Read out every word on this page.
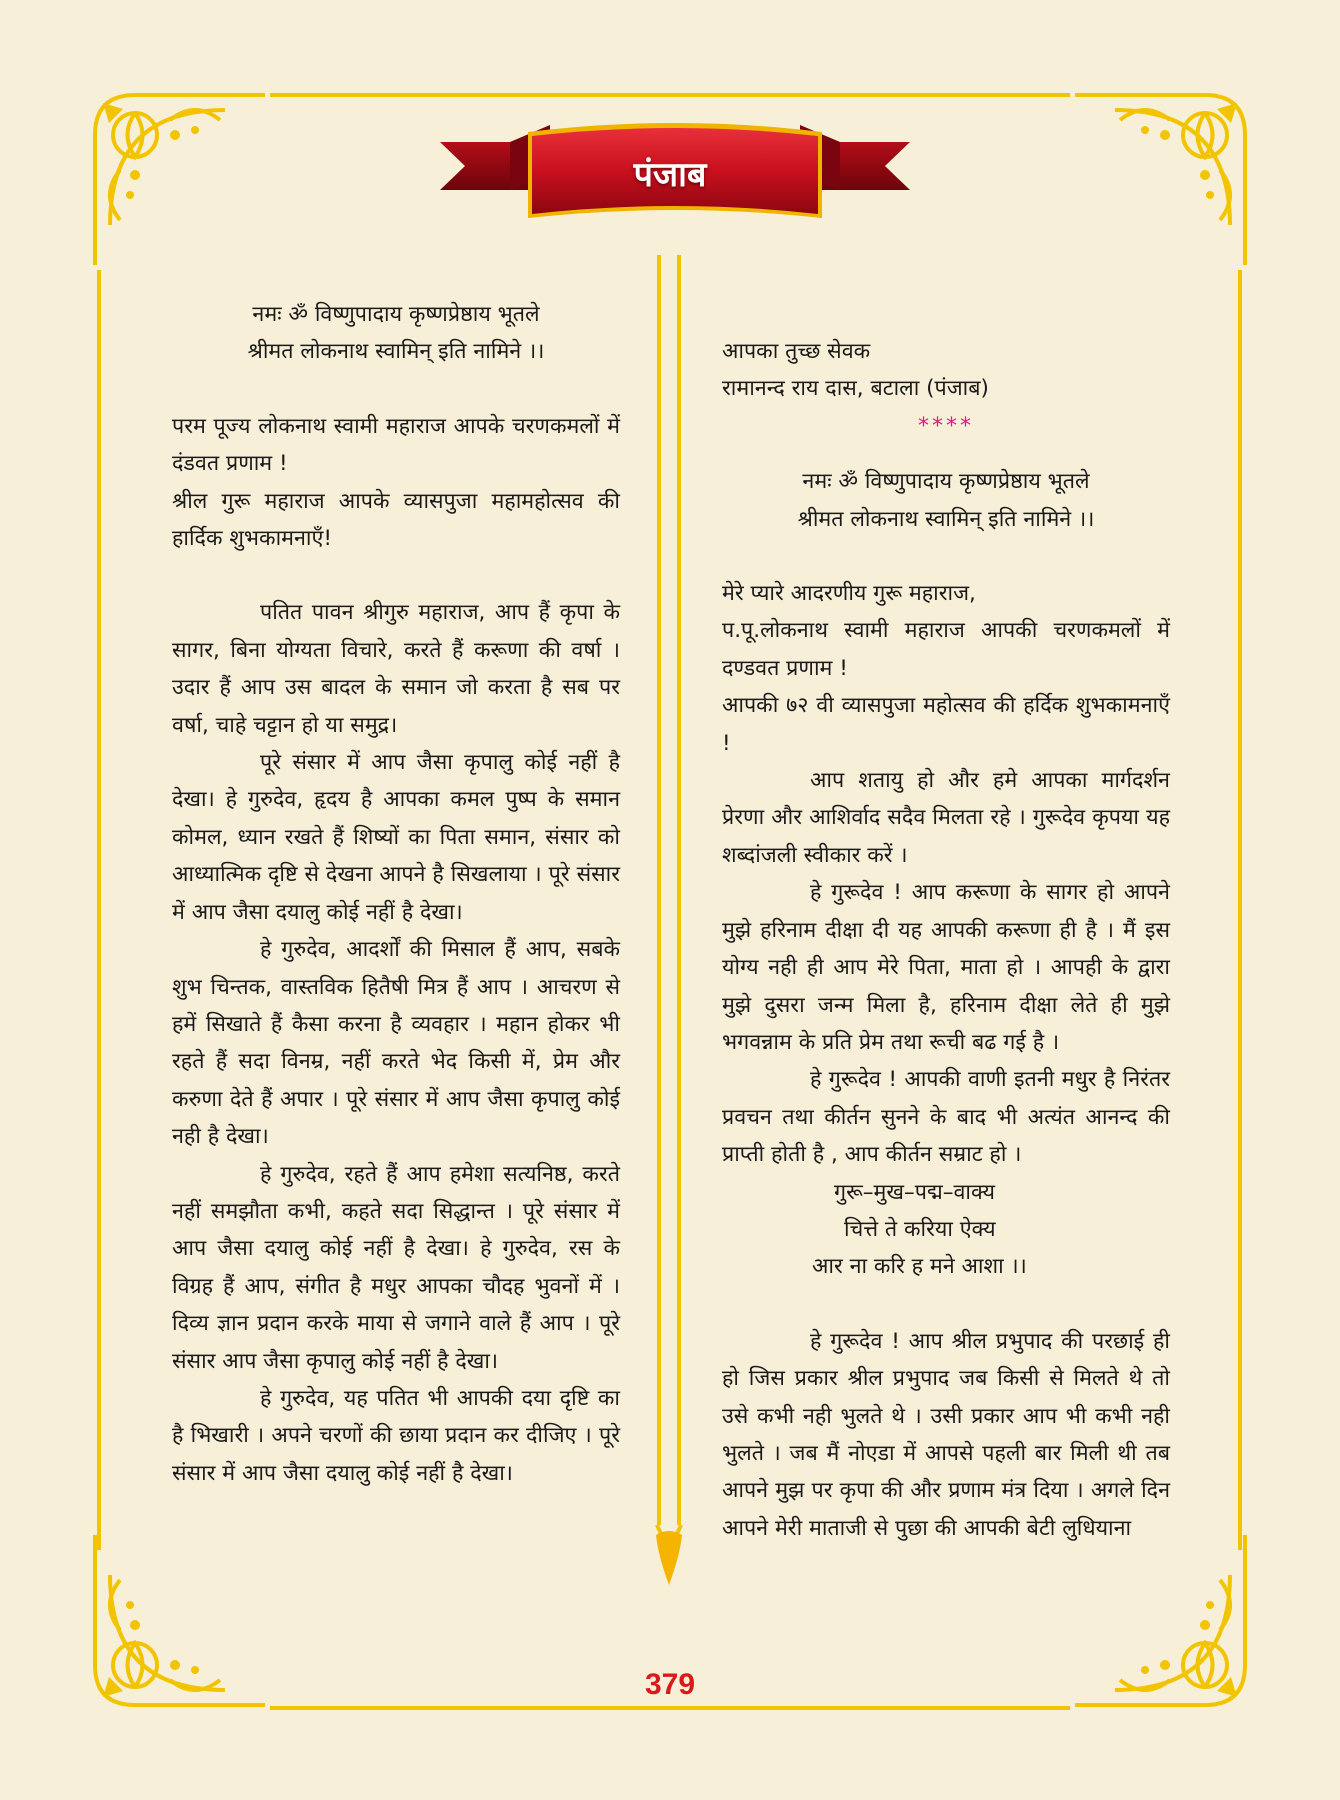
पंजाब

नमः ॐ विष्णुपादाय कृष्णप्रेष्ठाय भूतले

श्रीमत लोकनाथ स्वामिन् इति नामिने ।।

परम पूज्य लोकनाथ स्वामी महाराज आपके चरणकमलों में दंडवत प्रणाम !

श्रील गुरू महाराज आपके व्यासपुजा महामहोत्सव की हार्दिक शुभकामनाएँ!

पतित पावन श्रीगुरु महाराज, आप हैं कृपा के सागर, बिना योग्यता विचारे, करते हैं करूणा की वर्षा । उदार हैं आप उस बादल के समान जो करता है सब पर वर्षा, चाहे चट्टान हो या समुद्र।

पूरे संसार में आप जैसा कृपालु कोई नहीं है देखा। हे गुरुदेव, हृदय है आपका कमल पुष्प के समान कोमल, ध्यान रखते हैं शिष्यों का पिता समान, संसार को आध्यात्मिक दृष्टि से देखना आपने है सिखलाया । पूरे संसार में आप जैसा दयालु कोई नहीं है देखा।

हे गुरुदेव, आदर्शों की मिसाल हैं आप, सबके शुभ चिन्तक, वास्तविक हितैषी मित्र हैं आप । आचरण से हमें सिखाते हैं कैसा करना है व्यवहार । महान होकर भी रहते हैं सदा विनम्र, नहीं करते भेद किसी में, प्रेम और करुणा देते हैं अपार । पूरे संसार में आप जैसा कृपालु कोई नही है देखा।

हे गुरुदेव, रहते हैं आप हमेशा सत्यनिष्ठ, करते नहीं समझौता कभी, कहते सदा सिद्धान्त । पूरे संसार में आप जैसा दयालु कोई नहीं है देखा। हे गुरुदेव, रस के विग्रह हैं आप, संगीत है मधुर आपका चौदह भुवनों में । दिव्य ज्ञान प्रदान करके माया से जगाने वाले हैं आप । पूरे संसार आप जैसा कृपालु कोई नहीं है देखा।

हे गुरुदेव, यह पतित भी आपकी दया दृष्टि का है भिखारी । अपने चरणों की छाया प्रदान कर दीजिए । पूरे संसार में आप जैसा दयालु कोई नहीं है देखा।

आपका तुच्छ सेवक

रामानन्द राय दास, बटाला (पंजाब)

****

नमः ॐ विष्णुपादाय कृष्णप्रेष्ठाय भूतले

श्रीमत लोकनाथ स्वामिन् इति नामिने ।।

मेरे प्यारे आदरणीय गुरू महाराज,

प.पू.लोकनाथ स्वामी महाराज आपकी चरणकमलों में दण्डवत प्रणाम !

आपकी ७२ वी व्यासपुजा महोत्सव की हर्दिक शुभकामनाएँ !

आप शतायु हो और हमे आपका मार्गदर्शन प्रेरणा और आशिर्वाद सदैव मिलता रहे । गुरूदेव कृपया यह शब्दांजली स्वीकार करें ।

हे गुरूदेव ! आप करूणा के सागर हो आपने मुझे हरिनाम दीक्षा दी यह आपकी करूणा ही है । मैं इस योग्य नही ही आप मेरे पिता, माता हो । आपही के द्वारा मुझे दुसरा जन्म मिला है, हरिनाम दीक्षा लेते ही मुझे भगवन्नाम के प्रति प्रेम तथा रूची बढ गई है ।

हे गुरूदेव ! आपकी वाणी इतनी मधुर है निरंतर प्रवचन तथा कीर्तन सुनने के बाद भी अत्यंत आनन्द की प्राप्ती होती है , आप कीर्तन सम्राट हो ।

गुरू–मुख–पद्म–वाक्य

चित्ते ते करिया ऐक्य

आर ना करि ह मने आशा ।।

हे गुरूदेव ! आप श्रील प्रभुपाद की परछाई ही हो जिस प्रकार श्रील प्रभुपाद जब किसी से मिलते थे तो उसे कभी नही भुलते थे । उसी प्रकार आप भी कभी नही भुलते । जब मैं नोएडा में आपसे पहली बार मिली थी तब आपने मुझ पर कृपा की और प्रणाम मंत्र दिया । अगले दिन आपने मेरी माताजी से पुछा की आपकी बेटी लुधियाना

379
